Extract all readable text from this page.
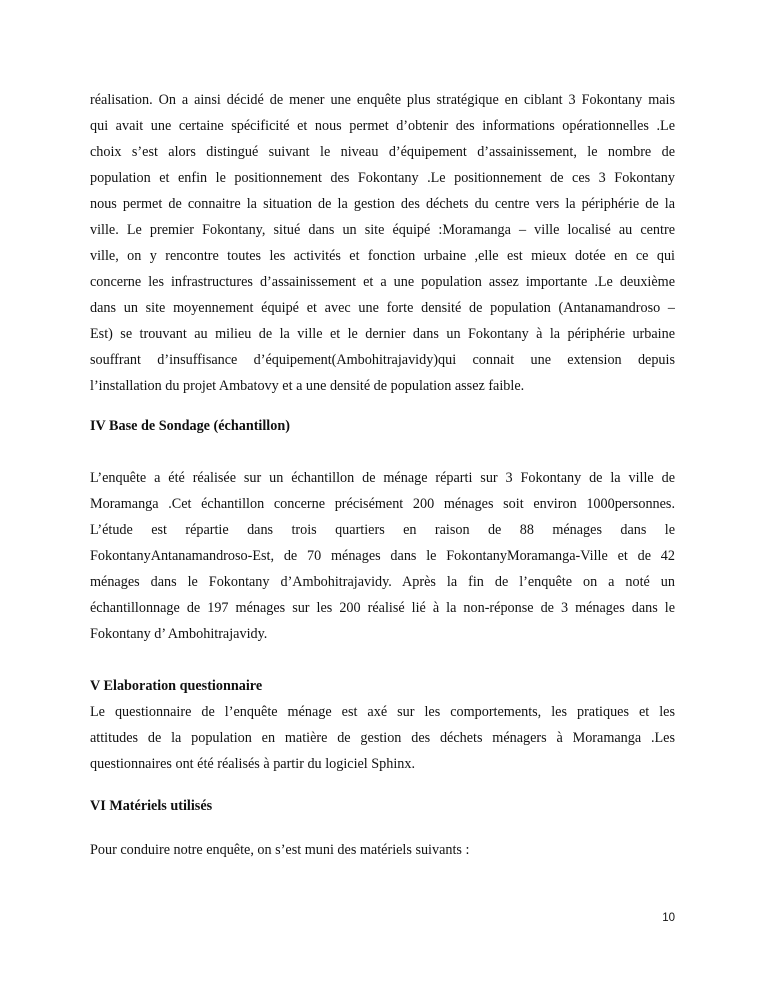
réalisation. On a ainsi décidé de mener une enquête plus stratégique en ciblant 3 Fokontany mais
qui avait une certaine spécificité et nous permet d’obtenir des informations opérationnelles .Le
choix s’est alors distingué suivant le niveau d’équipement d’assainissement, le nombre de
population et enfin le positionnement des Fokontany .Le positionnement de ces 3 Fokontany
nous permet de connaitre la situation de la gestion des déchets du centre vers la périphérie de la
ville. Le premier Fokontany, situé dans un site équipé :Moramanga – ville localisé au centre
ville, on y rencontre toutes les activités et fonction urbaine ,elle est mieux dotée en ce qui
concerne les infrastructures d’assainissement et a une population assez importante .Le deuxième
dans un site moyennement équipé et avec une forte densité de population (Antanamandroso –
Est) se trouvant au milieu de la ville et le dernier dans un Fokontany à la périphérie urbaine
souffrant d’insuffisance d’équipement(Ambohitrajavidy)qui connait une extension depuis
l’installation du projet Ambatovy et a une densité de population assez faible.
IV Base de Sondage (échantillon)
L’enquête a été réalisée sur un échantillon de ménage réparti sur 3 Fokontany de la ville de
Moramanga .Cet échantillon concerne précisément 200 ménages soit environ 1000personnes.
L’étude est répartie dans trois quartiers en raison de 88 ménages dans le
FokontanyAntanamandroso-Est, de 70 ménages dans le FokontanyMoramanga-Ville et de 42
ménages dans le Fokontany d’Ambohitrajavidy. Après la fin de l’enquête on a noté un
échantillonnage de 197 ménages sur les 200 réalisé lié à la non-réponse de 3 ménages dans le
Fokontany d’ Ambohitrajavidy.
V Elaboration questionnaire
Le questionnaire de l’enquête ménage est axé sur les comportements, les pratiques et les
attitudes de la population en matière de gestion des déchets ménagers à Moramanga .Les
questionnaires ont été réalisés à partir du logiciel Sphinx.
VI Matériels utilisés
Pour conduire notre enquête, on s’est muni des matériels suivants :
10
